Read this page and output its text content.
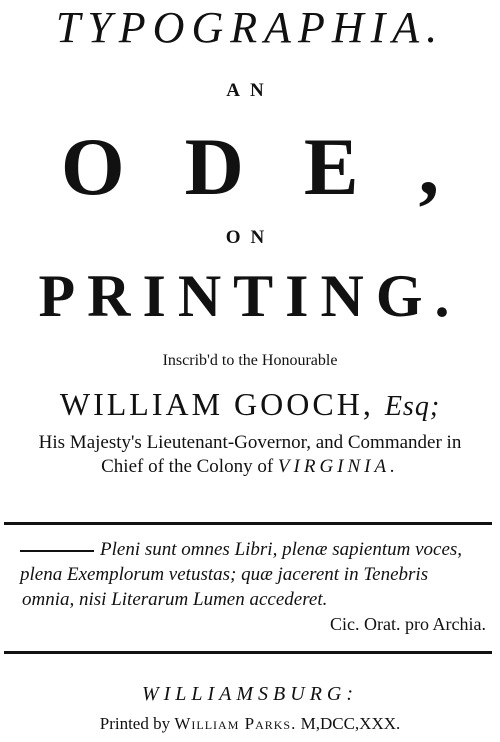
TYPOGRAPHIA.
AN
ODE,
ON
PRINTING.
Inscrib'd to the Honourable
WILLIAM GOOCH, Esq;
His Majesty's Lieutenant-Governor, and Commander in
Chief of the Colony of VIRGINIA.
Pleni sunt omnes Libri, plenæ sapientum voces,
plena Exemplorum vetustas; quæ jacerent in Tenebris
omnia, nisi Literarum Lumen accederet.
Cic. Orat. pro Archia.
WILLIAMSBURG:
Printed by William Parks. M,DCC,XXX.
